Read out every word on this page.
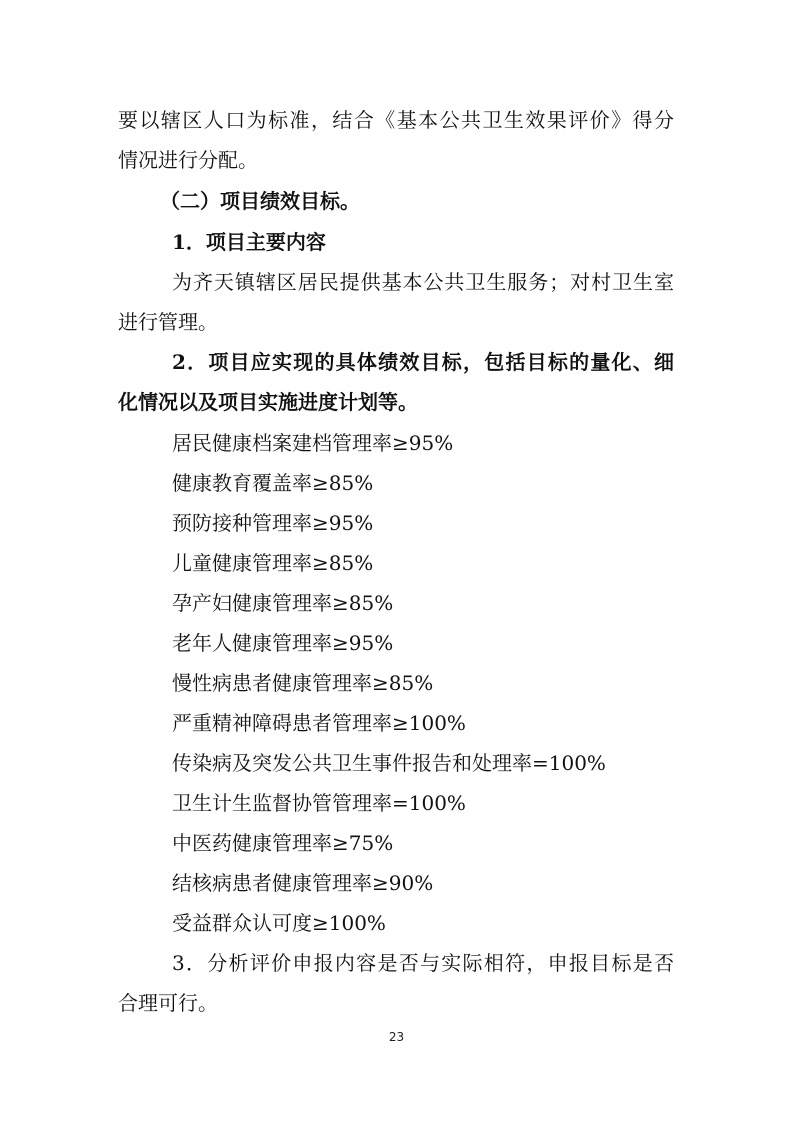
要以辖区人口为标准，结合《基本公共卫生效果评价》得分
情况进行分配。
（二）项目绩效目标。
1．项目主要内容
为齐天镇辖区居民提供基本公共卫生服务；对村卫生室
进行管理。
2．项目应实现的具体绩效目标，包括目标的量化、细
化情况以及项目实施进度计划等。
居民健康档案建档管理率≥95%
健康教育覆盖率≥85%
预防接种管理率≥95%
儿童健康管理率≥85%
孕产妇健康管理率≥85%
老年人健康管理率≥95%
慢性病患者健康管理率≥85%
严重精神障碍患者管理率≥100%
传染病及突发公共卫生事件报告和处理率=100%
卫生计生监督协管管理率=100%
中医药健康管理率≥75%
结核病患者健康管理率≥90%
受益群众认可度≥100%
3．分析评价申报内容是否与实际相符，申报目标是否
合理可行。
23
